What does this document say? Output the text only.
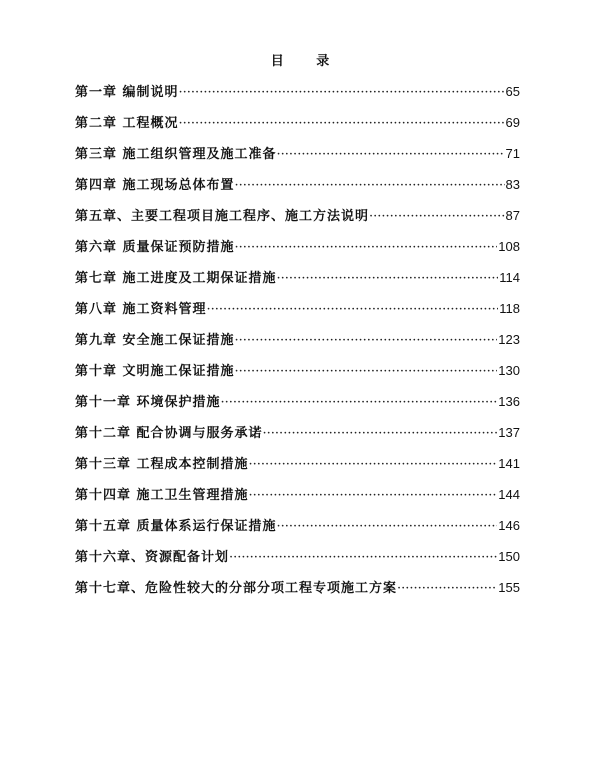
目 录
第一章 编制说明 ·····	65
第二章 工程概况 ·····	69
第三章 施工组织管理及施工准备 ·····	71
第四章 施工现场总体布置 ·····	83
第五章、主要工程项目施工程序、施工方法说明 ·····	87
第六章 质量保证预防措施 ·····	108
第七章 施工进度及工期保证措施 ·····	114
第八章 施工资料管理 ·····	118
第九章 安全施工保证措施 ·····	123
第十章 文明施工保证措施 ·····	130
第十一章 环境保护措施 ·····	136
第十二章 配合协调与服务承诺 ·····	137
第十三章 工程成本控制措施 ·····	141
第十四章 施工卫生管理措施 ·····	144
第十五章 质量体系运行保证措施 ·····	146
第十六章、资源配备计划 ·····	150
第十七章、危险性较大的分部分项工程专项施工方案 ·····	155
